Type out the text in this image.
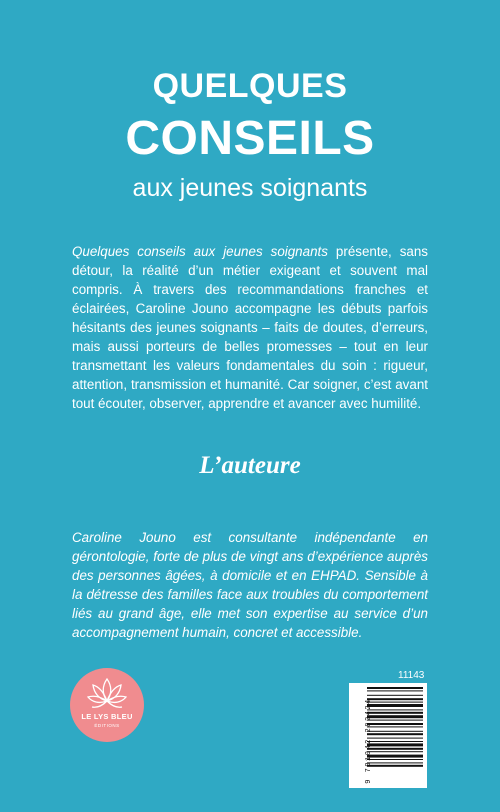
QUELQUES
CONSEILS
aux jeunes soignants

Quelques conseils aux jeunes soignants présente, sans détour, la réalité d’un métier exigeant et souvent mal compris. À travers des recommandations franches et éclairées, Caroline Jouno accompagne les débuts parfois hésitants des jeunes soignants – faits de doutes, d’erreurs, mais aussi porteurs de belles promesses – tout en leur transmettant les valeurs fondamentales du soin : rigueur, attention, transmission et humanité. Car soigner, c’est avant tout écouter, observer, apprendre et avancer avec humilité.

L’auteure

Caroline Jouno est consultante indépendante en gérontologie, forte de plus de vingt ans d’expérience auprès des personnes âgées, à domicile et en EHPAD. Sensible à la détresse des familles face aux troubles du comportement liés au grand âge, elle met son expertise au service d’un accompagnement humain, concret et accessible.

LE LYS BLEU
ÉDITIONS
11143
9 791042 282424
